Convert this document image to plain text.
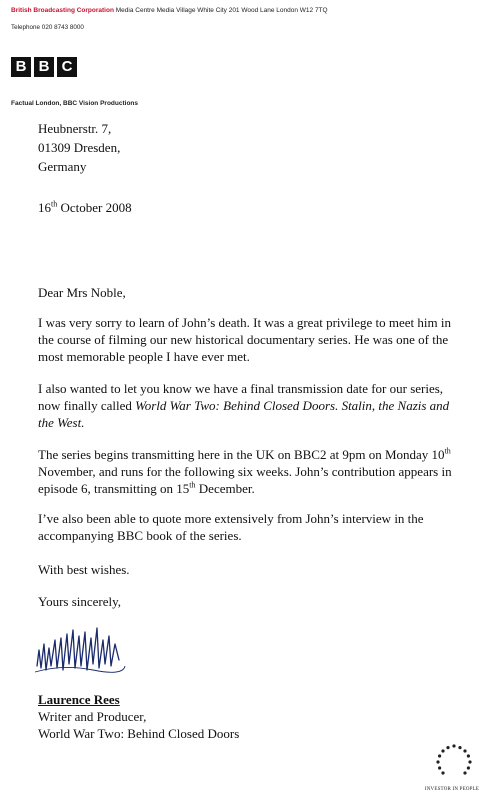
British Broadcasting Corporation Media Centre Media Village White City 201 Wood Lane London W12 7TQ
Telephone 020 8743 8000
B B C
Factual London, BBC Vision Productions
Heubnerstr. 7,
01309 Dresden,
Germany
16th October 2008
Dear Mrs Noble,
I was very sorry to learn of John’s death. It was a great privilege to meet him in the course of filming our new historical documentary series. He was one of the most memorable people I have ever met.
I also wanted to let you know we have a final transmission date for our series, now finally called World War Two: Behind Closed Doors. Stalin, the Nazis and the West.
The series begins transmitting here in the UK on BBC2 at 9pm on Monday 10th November, and runs for the following six weeks. John’s contribution appears in episode 6, transmitting on 15th December.
I’ve also been able to quote more extensively from John’s interview in the accompanying BBC book of the series.
With best wishes.
Yours sincerely,
Laurence Rees
Writer and Producer,
World War Two: Behind Closed Doors
INVESTOR IN PEOPLE
